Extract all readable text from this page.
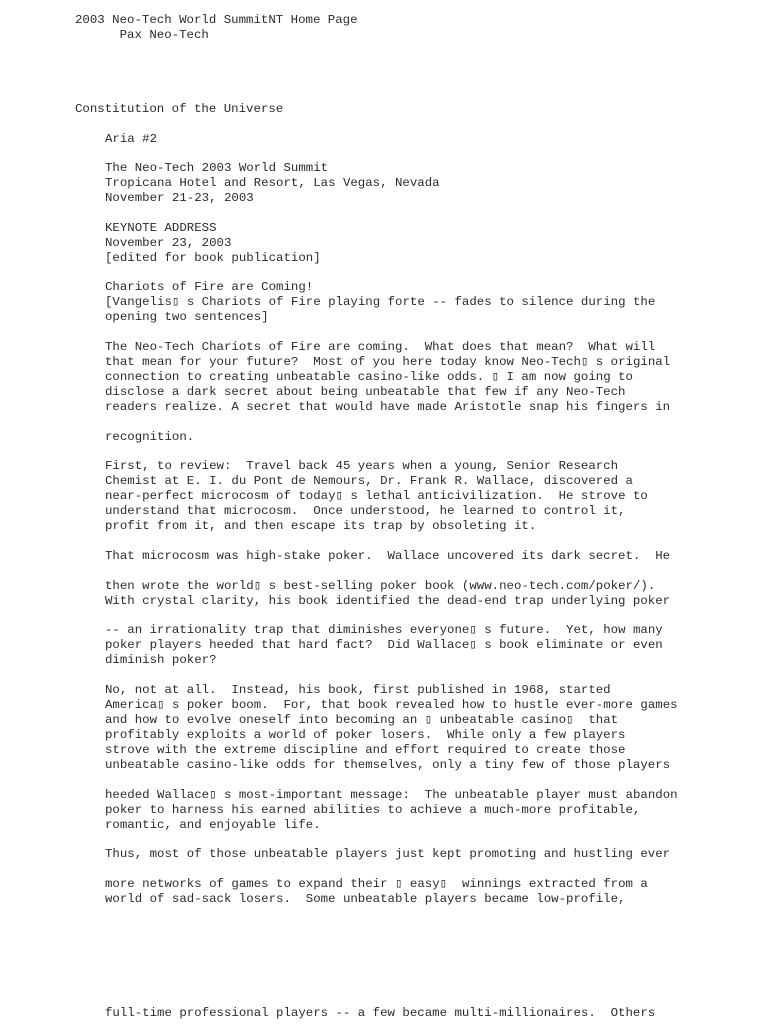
2003 Neo-Tech World SummitNT Home Page

Pax Neo-Tech

Constitution of the Universe

Aria #2

The Neo-Tech 2003 World Summit

Tropicana Hotel and Resort, Las Vegas, Nevada

November 21-23, 2003

KEYNOTE ADDRESS

November 23, 2003

[edited for book publication]

Chariots of Fire are Coming!

[Vangelis▯ s Chariots of Fire playing forte -- fades to silence during the

opening two sentences]

The Neo-Tech Chariots of Fire are coming.  What does that mean?  What will

that mean for your future?  Most of you here today know Neo-Tech▯ s original

connection to creating unbeatable casino-like odds. ▯ I am now going to

disclose a dark secret about being unbeatable that few if any Neo-Tech

readers realize. A secret that would have made Aristotle snap his fingers in

recognition.

First, to review:  Travel back 45 years when a young, Senior Research

Chemist at E. I. du Pont de Nemours, Dr. Frank R. Wallace, discovered a

near-perfect microcosm of today▯ s lethal anticivilization.  He strove to

understand that microcosm.  Once understood, he learned to control it,

profit from it, and then escape its trap by obsoleting it.

That microcosm was high-stake poker.  Wallace uncovered its dark secret.  He

then wrote the world▯ s best-selling poker book (www.neo-tech.com/poker/).

With crystal clarity, his book identified the dead-end trap underlying poker

-- an irrationality trap that diminishes everyone▯ s future.  Yet, how many

poker players heeded that hard fact?  Did Wallace▯ s book eliminate or even

diminish poker?

No, not at all.  Instead, his book, first published in 1968, started

America▯ s poker boom.  For, that book revealed how to hustle ever-more games

and how to evolve oneself into becoming an ▯ unbeatable casino▯  that

profitably exploits a world of poker losers.  While only a few players

strove with the extreme discipline and effort required to create those

unbeatable casino-like odds for themselves, only a tiny few of those players

heeded Wallace▯ s most-important message:  The unbeatable player must abandon

poker to harness his earned abilities to achieve a much-more profitable,

romantic, and enjoyable life.

Thus, most of those unbeatable players just kept promoting and hustling ever

more networks of games to expand their ▯ easy▯  winnings extracted from a

world of sad-sack losers.  Some unbeatable players became low-profile,

full-time professional players -- a few became multi-millionaires.  Others
